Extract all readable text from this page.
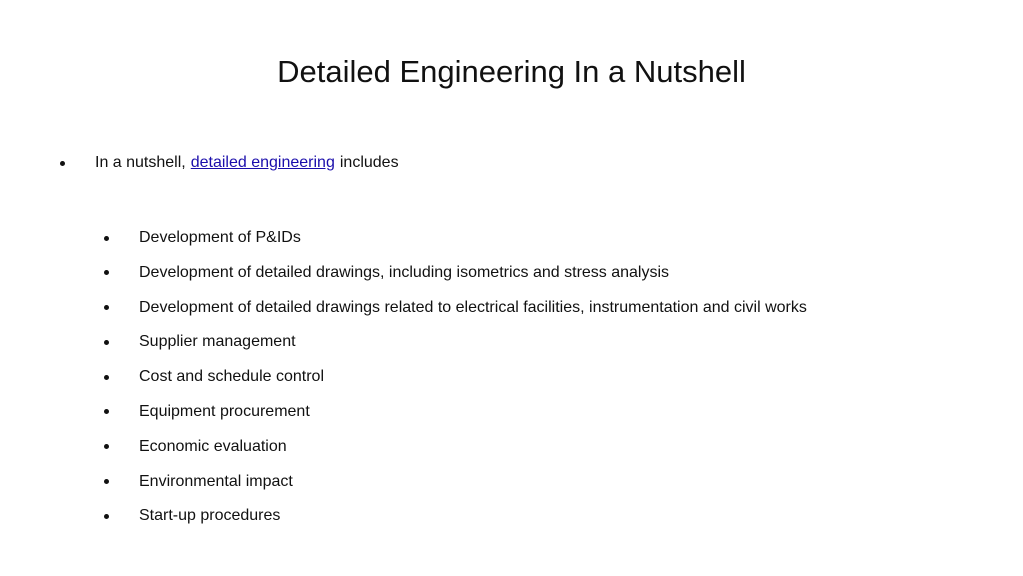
Detailed Engineering In a Nutshell
In a nutshell, detailed engineering includes
Development of P&IDs
Development of detailed drawings, including isometrics and stress analysis
Development of detailed drawings related to electrical facilities, instrumentation and civil works
Supplier management
Cost and schedule control
Equipment procurement
Economic evaluation
Environmental impact
Start-up procedures
